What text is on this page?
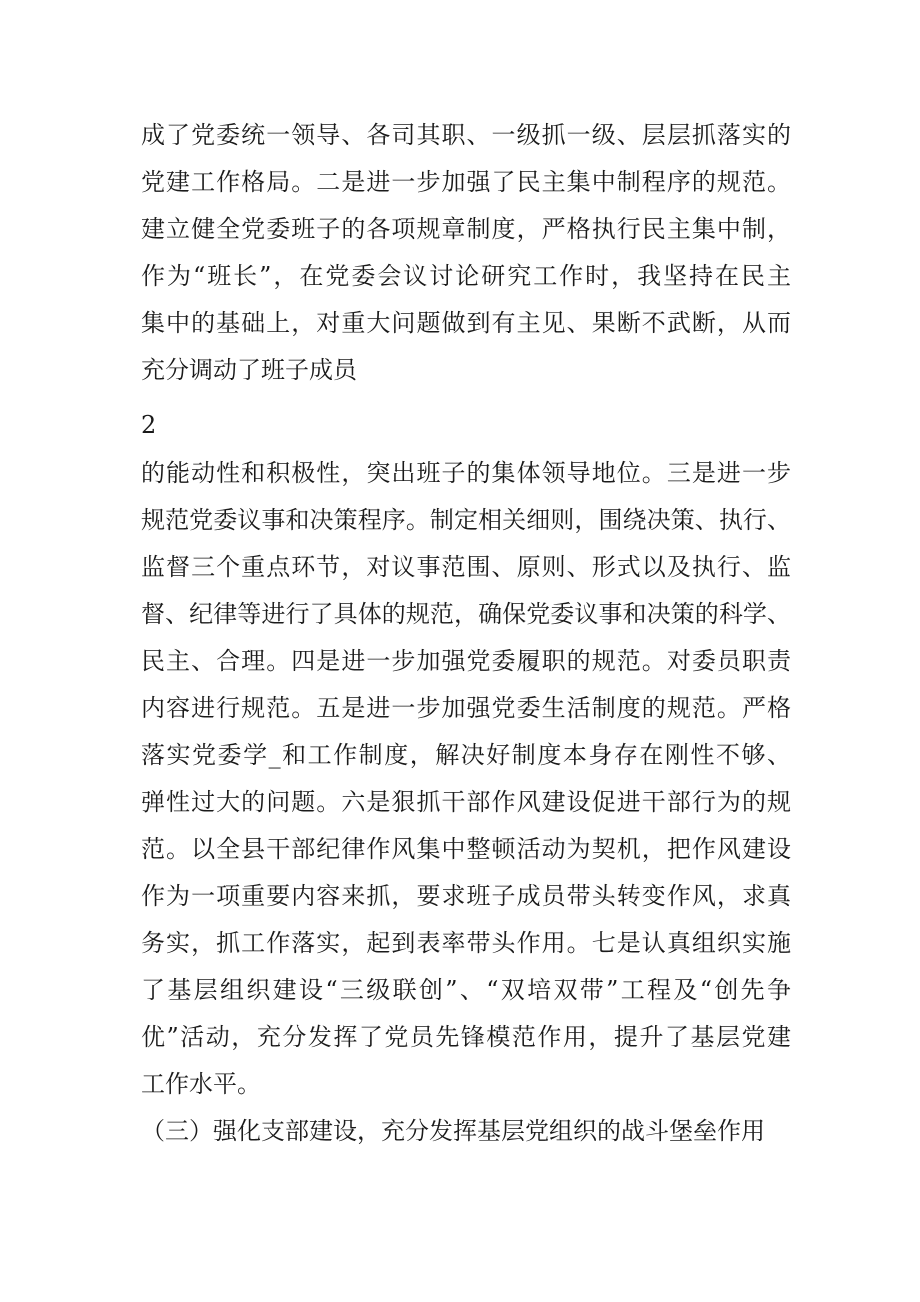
成了党委统一领导、各司其职、一级抓一级、层层抓落实的
党建工作格局。二是进一步加强了民主集中制程序的规范。
建立健全党委班子的各项规章制度，严格执行民主集中制，
作为“班长”，在党委会议讨论研究工作时，我坚持在民主
集中的基础上，对重大问题做到有主见、果断不武断，从而
充分调动了班子成员
2
的能动性和积极性，突出班子的集体领导地位。三是进一步
规范党委议事和决策程序。制定相关细则，围绕决策、执行、
监督三个重点环节，对议事范围、原则、形式以及执行、监
督、纪律等进行了具体的规范，确保党委议事和决策的科学、
民主、合理。四是进一步加强党委履职的规范。对委员职责
内容进行规范。五是进一步加强党委生活制度的规范。严格
落实党委学_和工作制度，解决好制度本身存在刚性不够、
弹性过大的问题。六是狠抓干部作风建设促进干部行为的规
范。以全县干部纪律作风集中整顿活动为契机，把作风建设
作为一项重要内容来抓，要求班子成员带头转变作风，求真
务实，抓工作落实，起到表率带头作用。七是认真组织实施
了基层组织建设“三级联创”、“双培双带”工程及“创先争
优”活动，充分发挥了党员先锋模范作用，提升了基层党建
工作水平。
（三）强化支部建设，充分发挥基层党组织的战斗堡垒作用
